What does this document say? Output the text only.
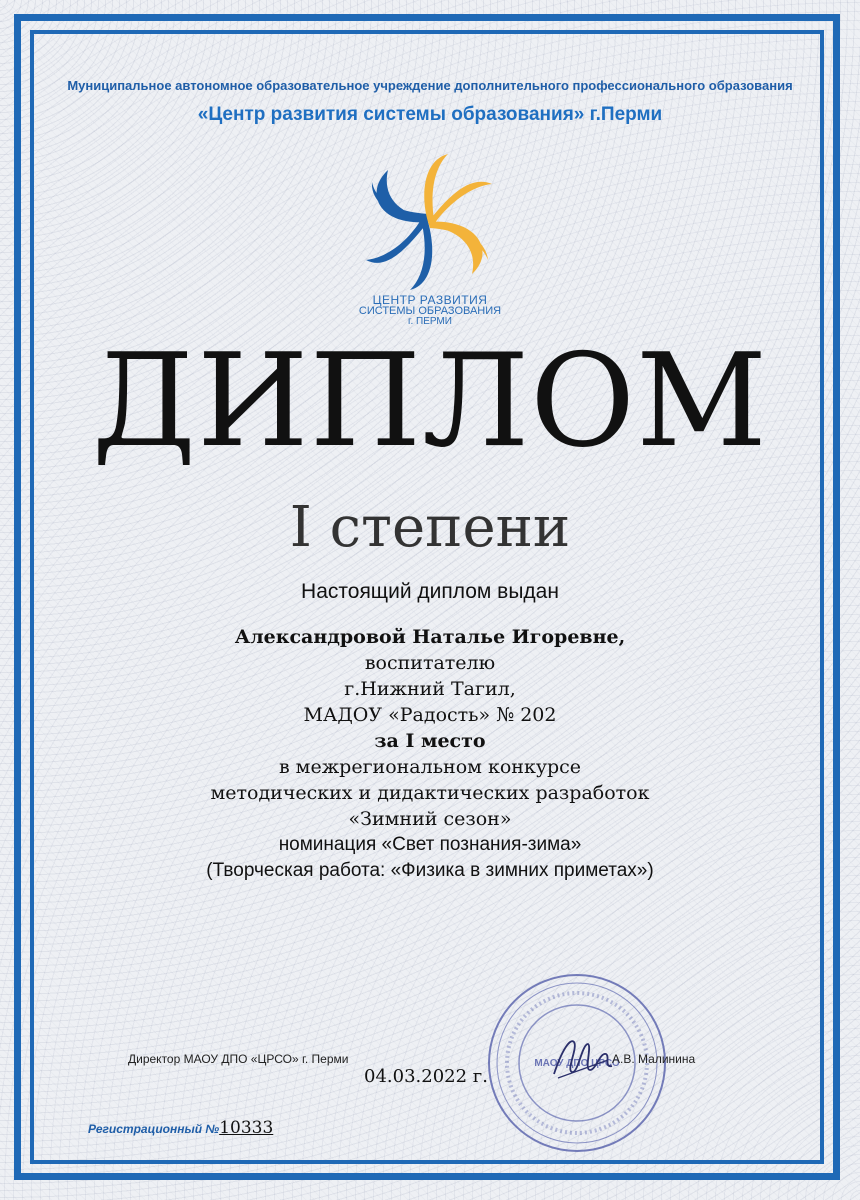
Муниципальное автономное образовательное учреждение дополнительного профессионального образования
«Центр развития системы образования» г.Перми
ЦЕНТР РАЗВИТИЯ
СИСТЕМЫ ОБРАЗОВАНИЯ
г. ПЕРМИ
ДИПЛОМ
I степени
Настоящий диплом выдан
Александровой Наталье Игоревне,
воспитателю
г.Нижний Тагил,
МАДОУ «Радость» № 202
за I место
в межрегиональном конкурсе
методических и дидактических разработок
«Зимний сезон»
номинация «Свет познания-зима»
(Творческая работа: «Физика в зимних приметах»)
МАОУ ДПО ЦРСО
Директор МАОУ ДПО «ЦРСО» г. Перми	А.В. Малинина
04.03.2022 г.
Регистрационный №10333
